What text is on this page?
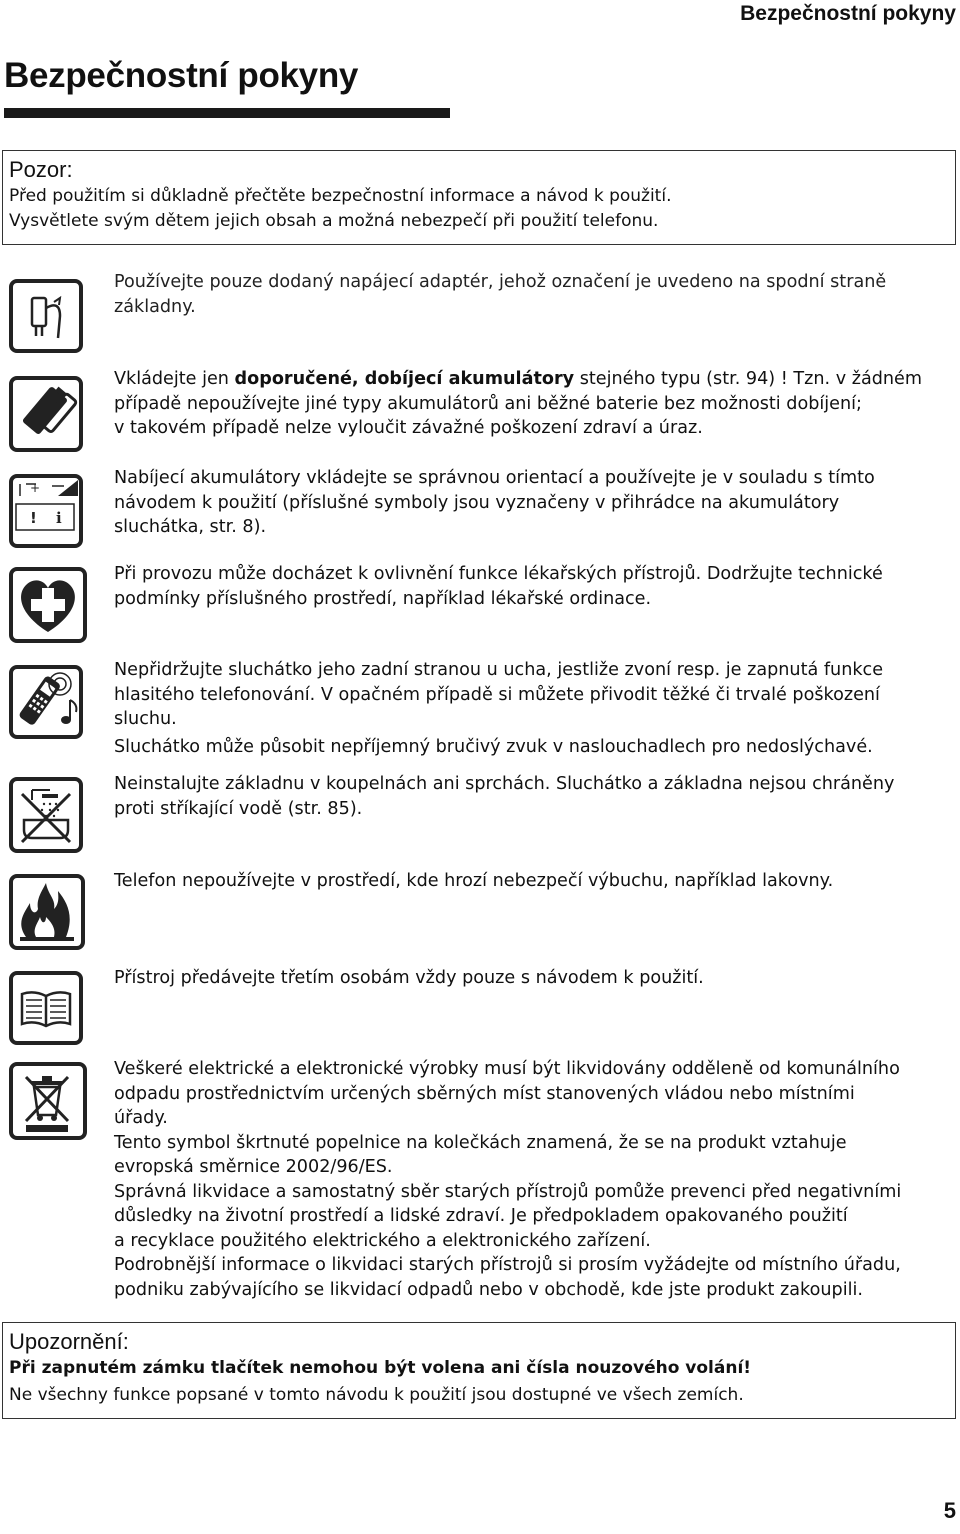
Bezpečnostní pokyny
Bezpečnostní pokyny
Pozor:
Před použitím si důkladně přečtěte bezpečnostní informace a návod k použití.
Vysvětlete svým dětem jejich obsah a možná nebezpečí při použití telefonu.
Používejte pouze dodaný napájecí adaptér, jehož označení je uvedeno na spodní straně
základny.
Vkládejte jen doporučené, dobíjecí akumulátory stejného typu (str. 94) ! Tzn. v žádném
případě nepoužívejte jiné typy akumulátorů ani běžné baterie bez možnosti dobíjení;
v takovém případě nelze vyloučit závažné poškození zdraví a úraz.
+
! i
Nabíjecí akumulátory vkládejte se správnou orientací a používejte je v souladu s tímto
návodem k použití (příslušné symboly jsou vyznačeny v přihrádce na akumulátory
sluchátka, str. 8).
Při provozu může docházet k ovlivnění funkce lékařských přístrojů. Dodržujte technické
podmínky příslušného prostředí, například lékařské ordinace.
Nepřidržujte sluchátko jeho zadní stranou u ucha, jestliže zvoní resp. je zapnutá funkce
hlasitého telefonování. V opačném případě si můžete přivodit těžké či trvalé poškození
sluchu.
Sluchátko může působit nepříjemný bručivý zvuk v naslouchadlech pro nedoslýchavé.
Neinstalujte základnu v koupelnách ani sprchách. Sluchátko a základna nejsou chráněny
proti stříkající vodě (str. 85).
Telefon nepoužívejte v prostředí, kde hrozí nebezpečí výbuchu, například lakovny.
Přístroj předávejte třetím osobám vždy pouze s návodem k použití.
Veškeré elektrické a elektronické výrobky musí být likvidovány odděleně od komunálního
odpadu prostřednictvím určených sběrných míst stanovených vládou nebo místními
úřady.
Tento symbol škrtnuté popelnice na kolečkách znamená, že se na produkt vztahuje
evropská směrnice 2002/96/ES.
Správná likvidace a samostatný sběr starých přístrojů pomůže prevenci před negativními
důsledky na životní prostředí a lidské zdraví. Je předpokladem opakovaného použití
a recyklace použitého elektrického a elektronického zařízení.
Podrobnější informace o likvidaci starých přístrojů si prosím vyžádejte od místního úřadu,
podniku zabývajícího se likvidací odpadů nebo v obchodě, kde jste produkt zakoupili.
Upozornění:
Při zapnutém zámku tlačítek nemohou být volena ani čísla nouzového volání!
Ne všechny funkce popsané v tomto návodu k použití jsou dostupné ve všech zemích.
5
